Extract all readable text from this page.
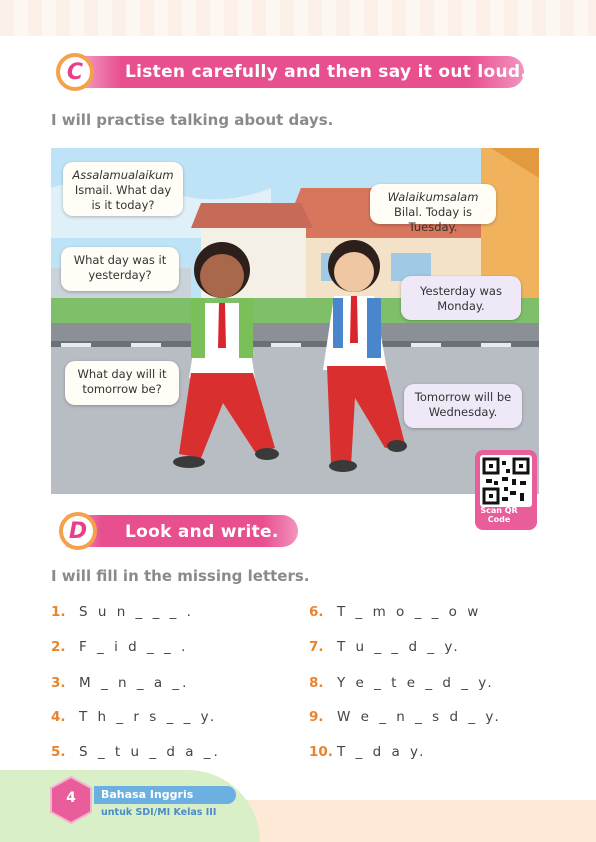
C Listen carefully and then say it out loud.
I will practise talking about days.
Assalamualaikum
Ismail. What day is it today?
Walaikumsalam Bilal. Today is Tuesday.
What day was it yesterday?
Yesterday was Monday.
What day will it tomorrow be?
Tomorrow will be Wednesday.
Scan QR Code
D Look and write.
I will fill in the missing letters.
1. S u n _ _ _ .
2. F _ i d _ _ .
3. M _ n _ a _.
4. T h _ r s _ _ y.
5. S _ t u _ d a _.
6. T _ m o _ _ o w
7. T u _ _ d _ y.
8. Y e _ t e _ d _ y.
9. W e _ n _ s d _ y.
10. T _ d a y.
4	Bahasa Inggris
untuk SDI/MI Kelas III
